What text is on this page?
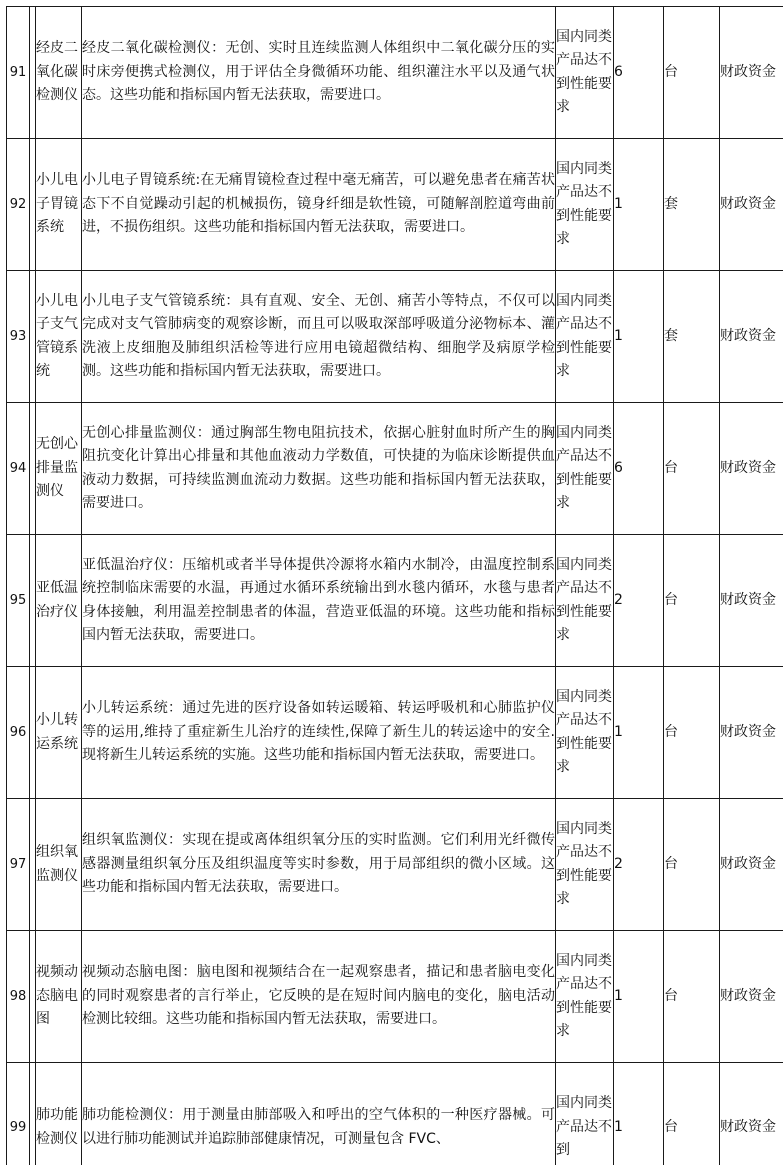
91		经皮二氧化碳检测仪	经皮二氧化碳检测仪：无创、实时且连续监测人体组织中二氧化碳分压的实时床旁便携式检测仪，用于评估全身微循环功能、组织灌注水平以及通气状态。这些功能和指标国内暂无法获取，需要进口。	国内同类产品达不到性能要求	6	台	财政资金
92		小儿电子胃镜系统	小儿电子胃镜系统:在无痛胃镜检查过程中毫无痛苦，可以避免患者在痛苦状态下不自觉躁动引起的机械损伤，镜身纤细是软性镜，可随解剖腔道弯曲前进，不损伤组织。这些功能和指标国内暂无法获取，需要进口。	国内同类产品达不到性能要求	1	套	财政资金
93		小儿电子支气管镜系统	小儿电子支气管镜系统：具有直观、安全、无创、痛苦小等特点，不仅可以完成对支气管肺病变的观察诊断，而且可以吸取深部呼吸道分泌物标本、灌洗液上皮细胞及肺组织活检等进行应用电镜超微结构、细胞学及病原学检测。这些功能和指标国内暂无法获取，需要进口。	国内同类产品达不到性能要求	1	套	财政资金
94		无创心排量监测仪	无创心排量监测仪：通过胸部生物电阻抗技术，依据心脏射血时所产生的胸阻抗变化计算出心排量和其他血液动力学数值，可快捷的为临床诊断提供血液动力数据，可持续监测血流动力数据。这些功能和指标国内暂无法获取，需要进口。	国内同类产品达不到性能要求	6	台	财政资金
95		亚低温治疗仪	亚低温治疗仪：压缩机或者半导体提供冷源将水箱内水制冷，由温度控制系统控制临床需要的水温，再通过水循环系统输出到水毯内循环，水毯与患者身体接触，利用温差控制患者的体温，营造亚低温的环境。这些功能和指标国内暂无法获取，需要进口。	国内同类产品达不到性能要求	2	台	财政资金
96		小儿转运系统	小儿转运系统：通过先进的医疗设备如转运暖箱、转运呼吸机和心肺监护仪等的运用,维持了重症新生儿治疗的连续性,保障了新生儿的转运途中的安全.现将新生儿转运系统的实施。这些功能和指标国内暂无法获取，需要进口。	国内同类产品达不到性能要求	1	台	财政资金
97		组织氧监测仪	组织氧监测仪：实现在提或离体组织氧分压的实时监测。它们利用光纤微传感器测量组织氧分压及组织温度等实时参数，用于局部组织的微小区域。这些功能和指标国内暂无法获取，需要进口。	国内同类产品达不到性能要求	2	台	财政资金
98		视频动态脑电图	视频动态脑电图：脑电图和视频结合在一起观察患者，描记和患者脑电变化的同时观察患者的言行举止，它反映的是在短时间内脑电的变化，脑电活动检测比较细。这些功能和指标国内暂无法获取，需要进口。	国内同类产品达不到性能要求	1	台	财政资金
99		肺功能检测仪	肺功能检测仪：用于测量由肺部吸入和呼出的空气体积的一种医疗器械。可以进行肺功能测试并追踪肺部健康情况，可测量包含 FVC、	国内同类产品达不到	1	台	财政资金
